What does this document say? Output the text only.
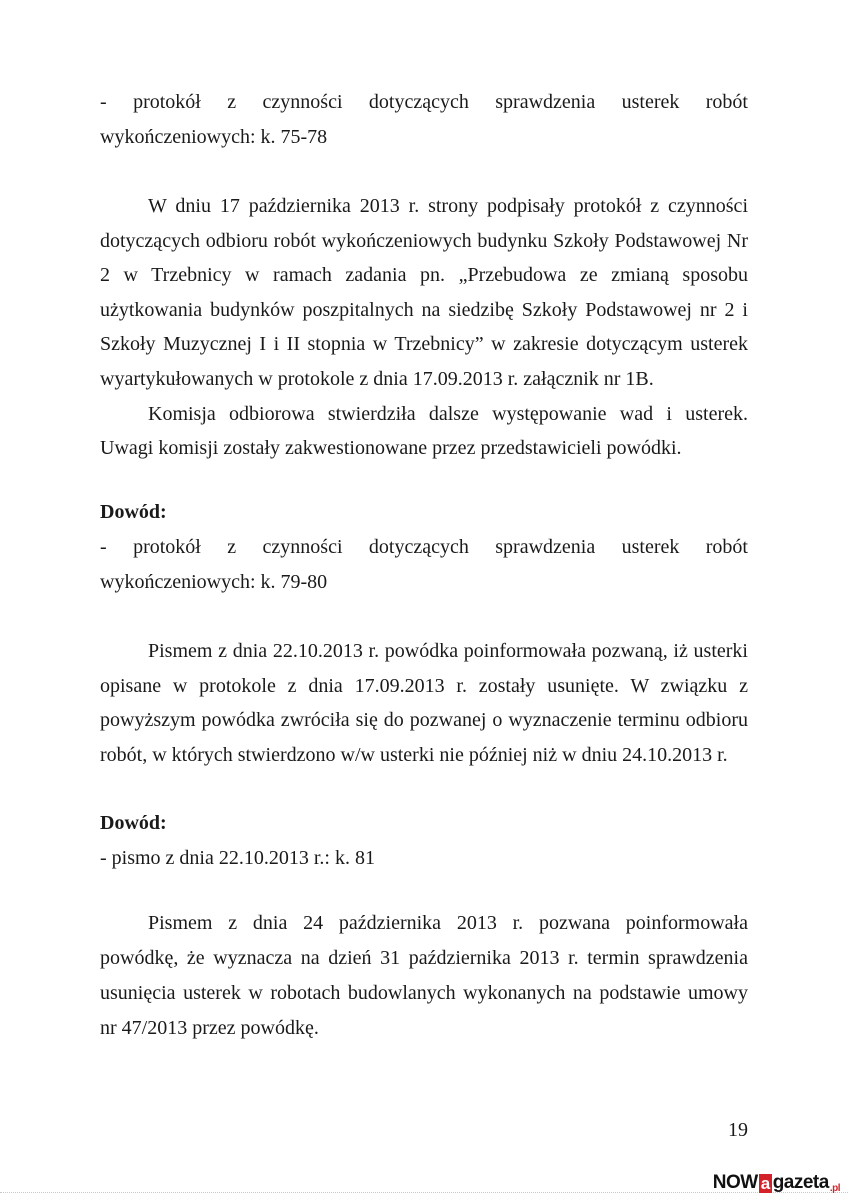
- protokół z czynności dotyczących sprawdzenia usterek robót
wykończeniowych: k. 75-78
W dniu 17 października 2013 r. strony podpisały protokół z czynności
dotyczących odbioru robót wykończeniowych budynku Szkoły Podstawowej Nr
2 w Trzebnicy w ramach zadania pn. „Przebudowa ze zmianą sposobu
użytkowania budynków poszpitalnych na siedzibę Szkoły Podstawowej nr 2 i
Szkoły Muzycznej I i II stopnia w Trzebnicy” w zakresie dotyczącym usterek
wyartykułowanych w protokole z dnia 17.09.2013 r. załącznik nr 1B.
Komisja odbiorowa stwierdziła dalsze występowanie wad i usterek.
Uwagi komisji zostały zakwestionowane przez przedstawicieli powódki.
Dowód:
- protokół z czynności dotyczących sprawdzenia usterek robót
wykończeniowych: k. 79-80
Pismem z dnia 22.10.2013 r. powódka poinformowała pozwaną, iż usterki
opisane w protokole z dnia 17.09.2013 r. zostały usunięte. W związku z
powyższym powódka zwróciła się do pozwanej o wyznaczenie terminu odbioru
robót, w których stwierdzono w/w usterki nie później niż w dniu 24.10.2013 r.
Dowód:
- pismo z dnia 22.10.2013 r.: k. 81
Pismem z dnia 24 października 2013 r. pozwana poinformowała
powódkę, że wyznacza na dzień 31 października 2013 r. termin sprawdzenia
usunięcia usterek w robotach budowlanych wykonanych na podstawie umowy
nr 47/2013 przez powódkę.
19
NOW a gazeta .pl
